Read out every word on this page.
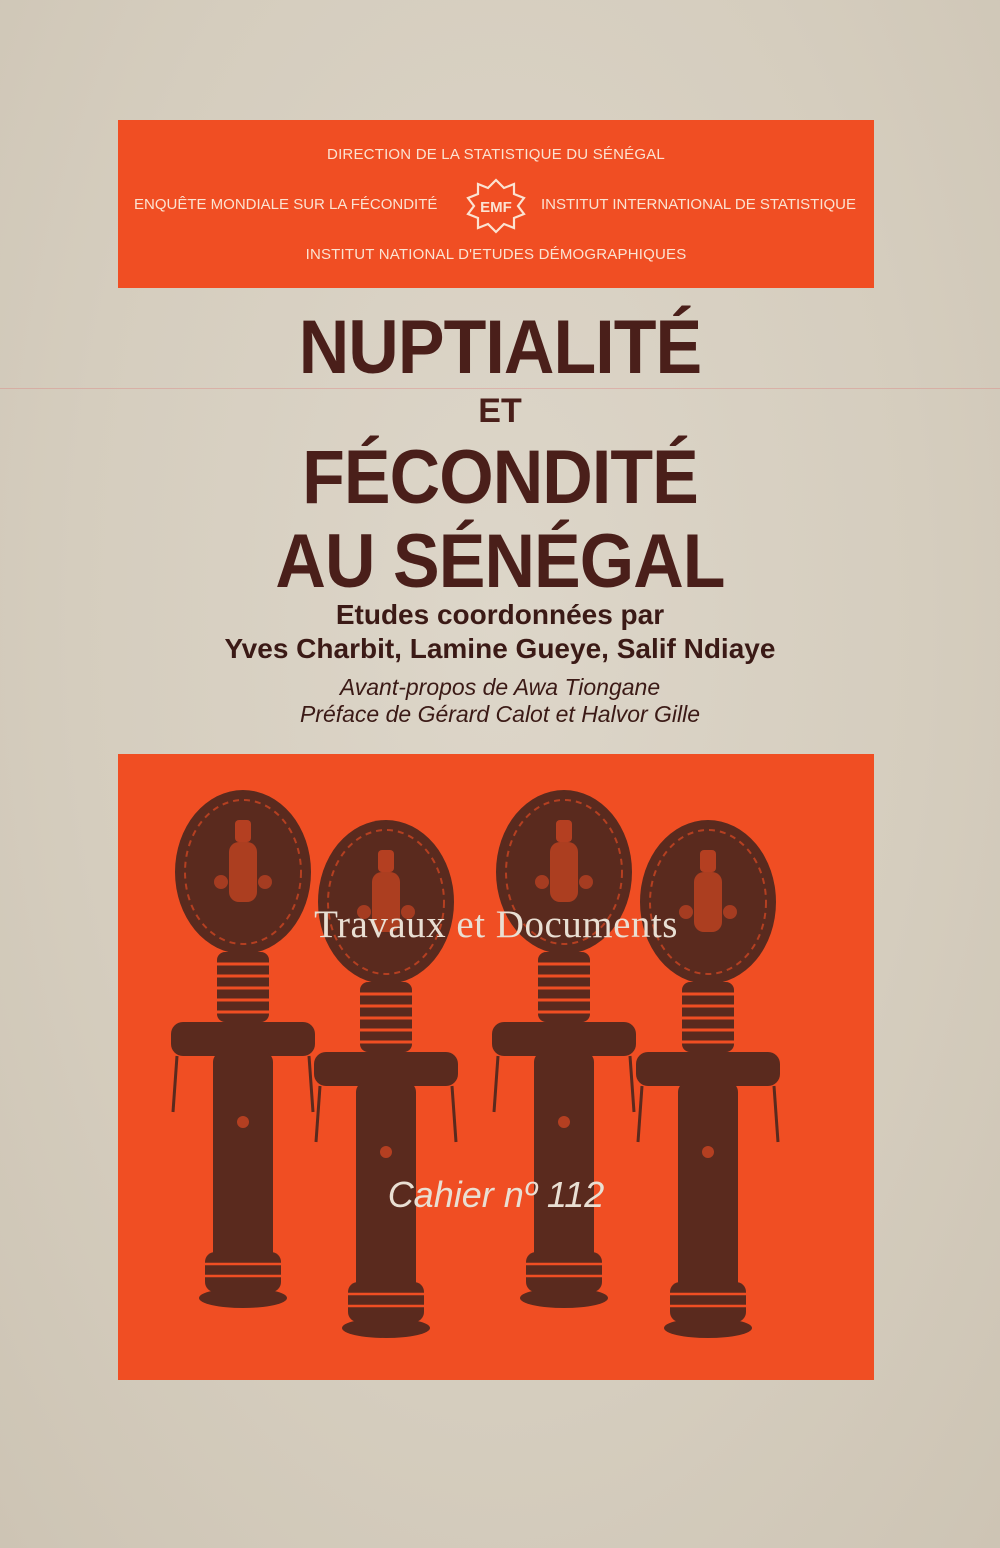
DIRECTION DE LA STATISTIQUE DU SÉNÉGAL
ENQUÊTE MONDIALE SUR LA FÉCONDITÉ	EMF INSTITUT INTERNATIONAL DE STATISTIQUE
INSTITUT NATIONAL D'ETUDES DÉMOGRAPHIQUES
NUPTIALITÉ
ET
FÉCONDITÉ
AU SÉNÉGAL
Etudes coordonnées par
Yves Charbit, Lamine Gueye, Salif Ndiaye
Avant-propos de Awa Tiongane
Préface de Gérard Calot et Halvor Gille
Travaux et Documents
Cahier nº 112
